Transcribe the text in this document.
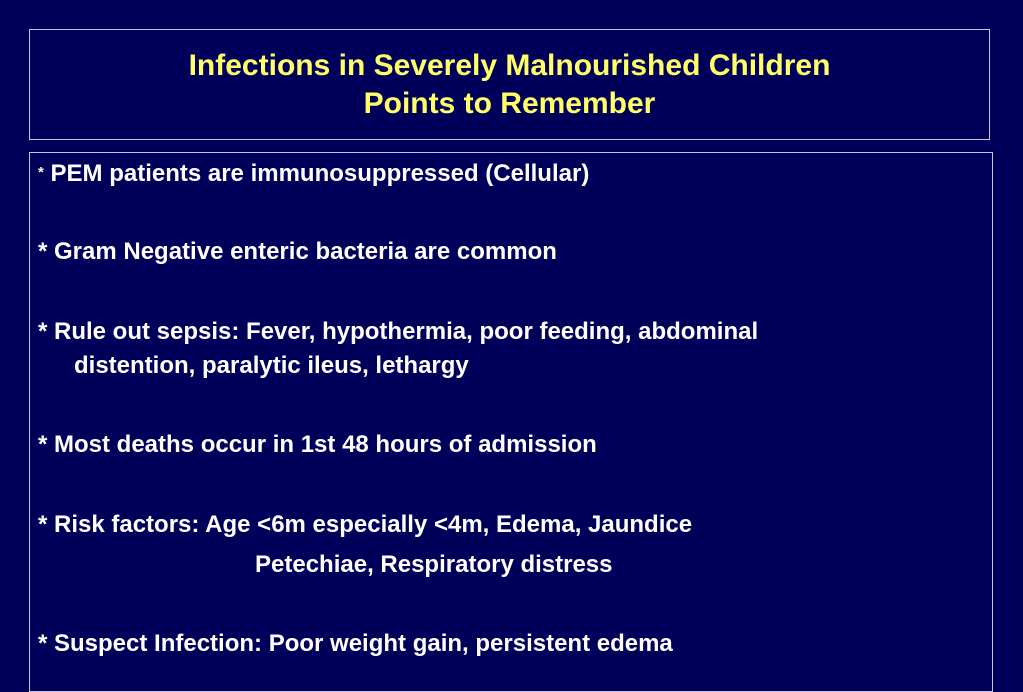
Infections in Severely Malnourished Children
Points to Remember
* PEM patients are immunosuppressed (Cellular)
* Gram Negative enteric bacteria are common
* Rule out sepsis: Fever, hypothermia, poor feeding, abdominal
distention, paralytic ileus, lethargy
* Most deaths occur in 1st 48 hours of admission
* Risk factors: Age <6m especially <4m, Edema, Jaundice
Petechiae, Respiratory distress
* Suspect Infection: Poor weight gain, persistent edema
